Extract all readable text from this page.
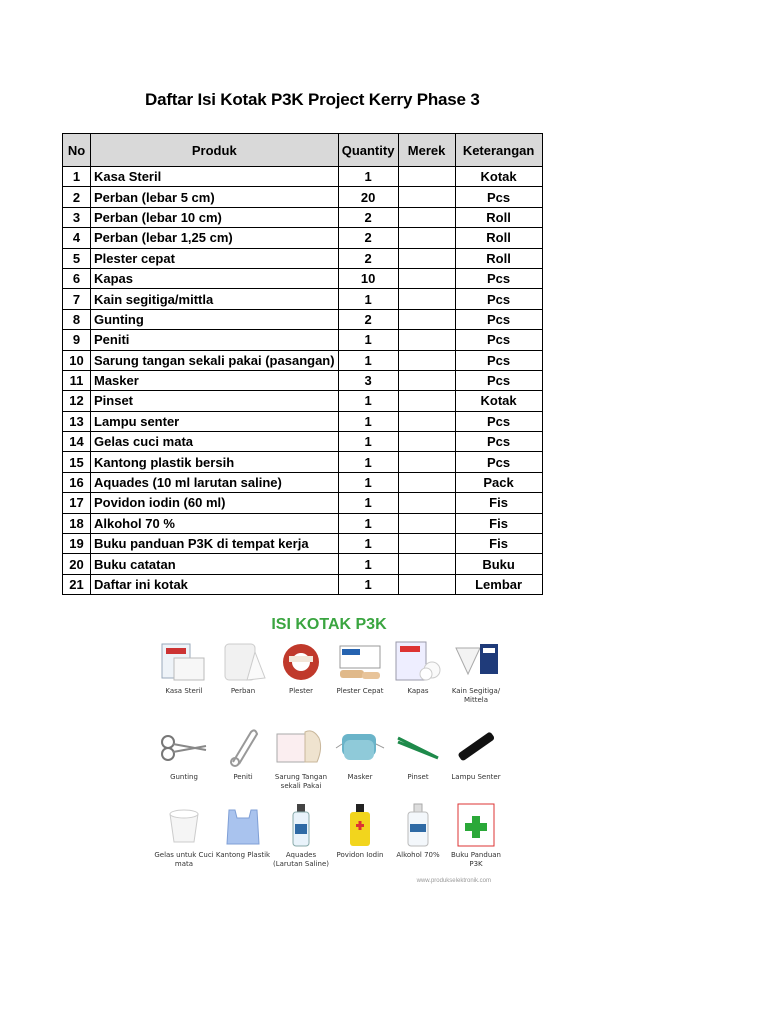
Daftar Isi Kotak P3K Project Kerry Phase 3
No	Produk	Quantity	Merek	Keterangan
1	Kasa Steril	1		Kotak
2	Perban (lebar 5 cm)	20		Pcs
3	Perban (lebar 10 cm)	2		Roll
4	Perban (lebar 1,25 cm)	2		Roll
5	Plester cepat	2		Roll
6	Kapas	10		Pcs
7	Kain segitiga/mittla	1		Pcs
8	Gunting	2		Pcs
9	Peniti	1		Pcs
10	Sarung tangan sekali pakai (pasangan)	1		Pcs
11	Masker	3		Pcs
12	Pinset	1		Kotak
13	Lampu senter	1		Pcs
14	Gelas cuci mata	1		Pcs
15	Kantong plastik bersih	1		Pcs
16	Aquades (10 ml larutan saline)	1		Pack
17	Povidon iodin (60 ml)	1		Fis
18	Alkohol 70 %	1		Fis
19	Buku panduan P3K di tempat kerja	1		Fis
20	Buku catatan	1		Buku
21	Daftar ini kotak	1		Lembar
ISI KOTAK P3K
Kasa Steril	Perban	Plester	Plester Cepat	Kapas	Kain Segitiga/ Mittela
Gunting	Peniti	Sarung Tangan sekali Pakai
Masker	Pinset	Lampu Senter
Gelas untuk Cuci mata
Kantong Plastik	Aquades (Larutan Saline)
Povidon Iodin	Alkohol 70%	Buku Panduan P3K
www.produkselektronik.com
